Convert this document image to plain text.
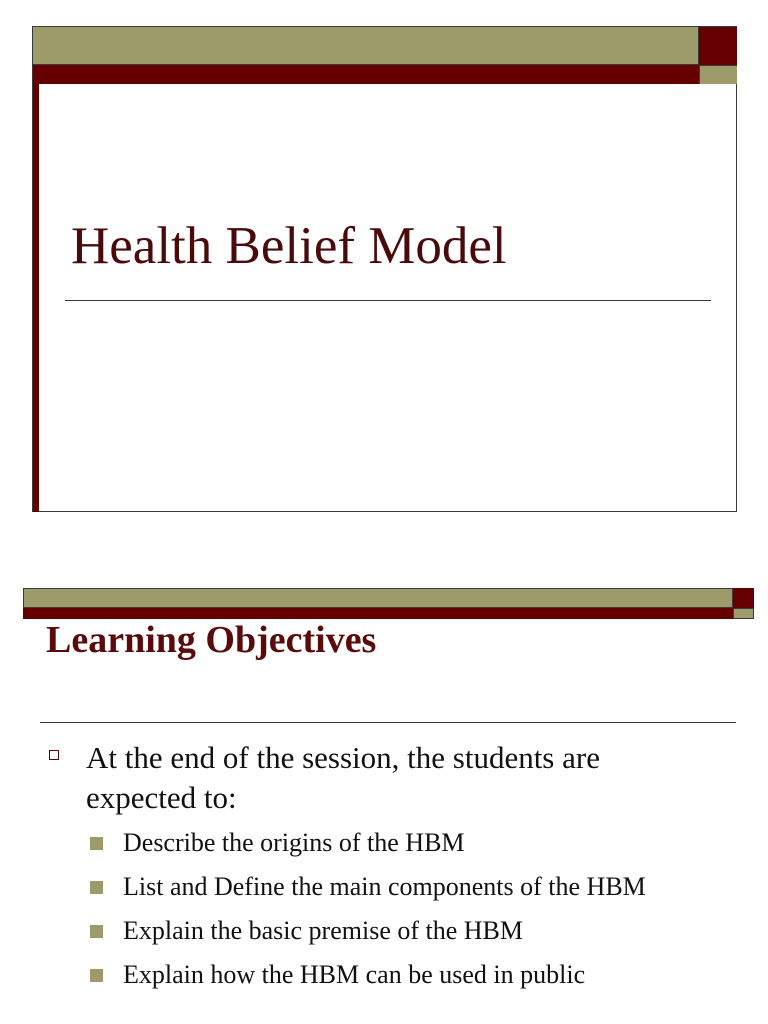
Health Belief Model
Learning Objectives
At the end of the session, the students are expected to:
Describe the origins of the HBM
List and Define the main components of the HBM
Explain the basic premise of the HBM
Explain how the HBM can be used in public
